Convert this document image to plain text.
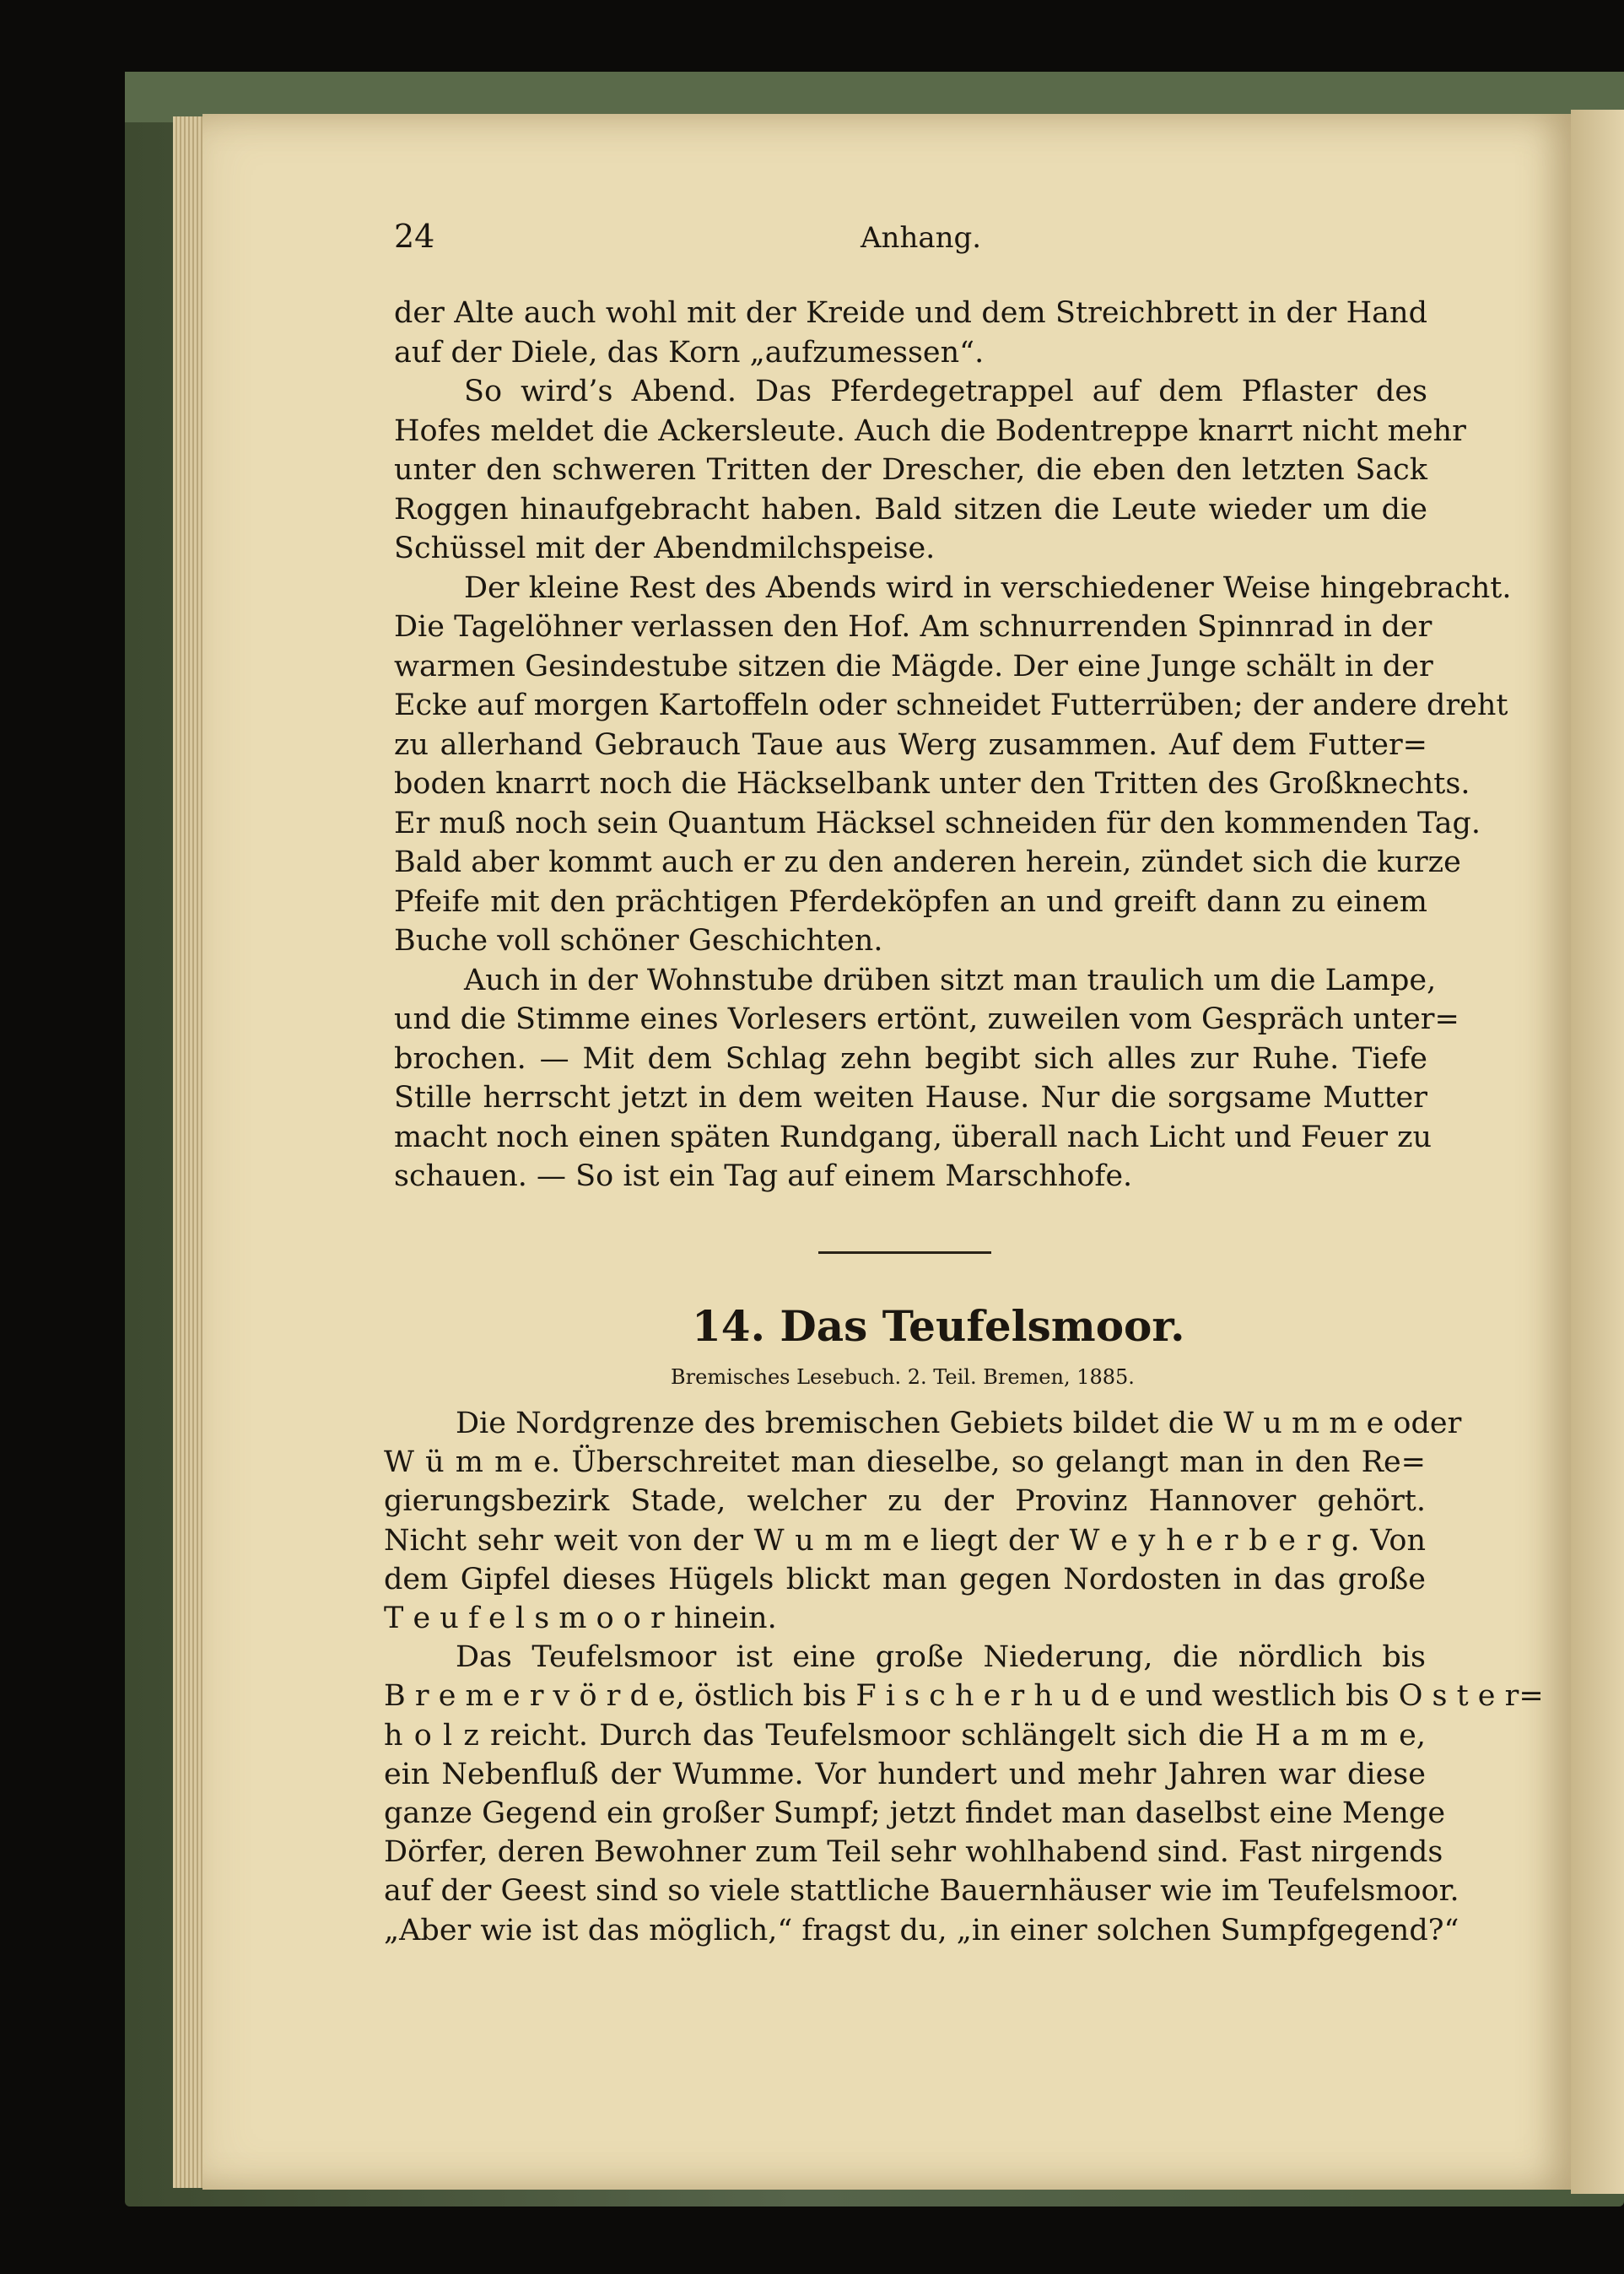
24	Anhang.
der Alte auch wohl mit der Kreide und dem Streichbrett in der Hand
auf der Diele, das Korn „aufzumessen“.
So wird’s Abend. Das Pferdegetrappel auf dem Pflaster des
Hofes meldet die Ackersleute. Auch die Bodentreppe knarrt nicht mehr
unter den schweren Tritten der Drescher, die eben den letzten Sack
Roggen hinaufgebracht haben. Bald sitzen die Leute wieder um die
Schüssel mit der Abendmilchspeise.
Der kleine Rest des Abends wird in verschiedener Weise hingebracht.
Die Tagelöhner verlassen den Hof. Am schnurrenden Spinnrad in der
warmen Gesindestube sitzen die Mägde. Der eine Junge schält in der
Ecke auf morgen Kartoffeln oder schneidet Futterrüben; der andere dreht
zu allerhand Gebrauch Taue aus Werg zusammen. Auf dem Futter=
boden knarrt noch die Häckselbank unter den Tritten des Großknechts.
Er muß noch sein Quantum Häcksel schneiden für den kommenden Tag.
Bald aber kommt auch er zu den anderen herein, zündet sich die kurze
Pfeife mit den prächtigen Pferdeköpfen an und greift dann zu einem
Buche voll schöner Geschichten.
Auch in der Wohnstube drüben sitzt man traulich um die Lampe,
und die Stimme eines Vorlesers ertönt, zuweilen vom Gespräch unter=
brochen. — Mit dem Schlag zehn begibt sich alles zur Ruhe. Tiefe
Stille herrscht jetzt in dem weiten Hause. Nur die sorgsame Mutter
macht noch einen späten Rundgang, überall nach Licht und Feuer zu
schauen. — So ist ein Tag auf einem Marschhofe.
14. Das Teufelsmoor.
Bremisches Lesebuch. 2. Teil. Bremen, 1885.
Die Nordgrenze des bremischen Gebiets bildet die W u m m e oder
W ü m m e. Überschreitet man dieselbe, so gelangt man in den Re=
gierungsbezirk Stade, welcher zu der Provinz Hannover gehört.
Nicht sehr weit von der W u m m e liegt der W e y h e r b e r g. Von
dem Gipfel dieses Hügels blickt man gegen Nordosten in das große
T e u f e l s m o o r hinein.
Das Teufelsmoor ist eine große Niederung, die nördlich bis
B r e m e r v ö r d e, östlich bis F i s c h e r h u d e und westlich bis O s t e r=
h o l z reicht. Durch das Teufelsmoor schlängelt sich die H a m m e,
ein Nebenfluß der Wumme. Vor hundert und mehr Jahren war diese
ganze Gegend ein großer Sumpf; jetzt findet man daselbst eine Menge
Dörfer, deren Bewohner zum Teil sehr wohlhabend sind. Fast nirgends
auf der Geest sind so viele stattliche Bauernhäuser wie im Teufelsmoor.
„Aber wie ist das möglich,“ fragst du, „in einer solchen Sumpfgegend?“
